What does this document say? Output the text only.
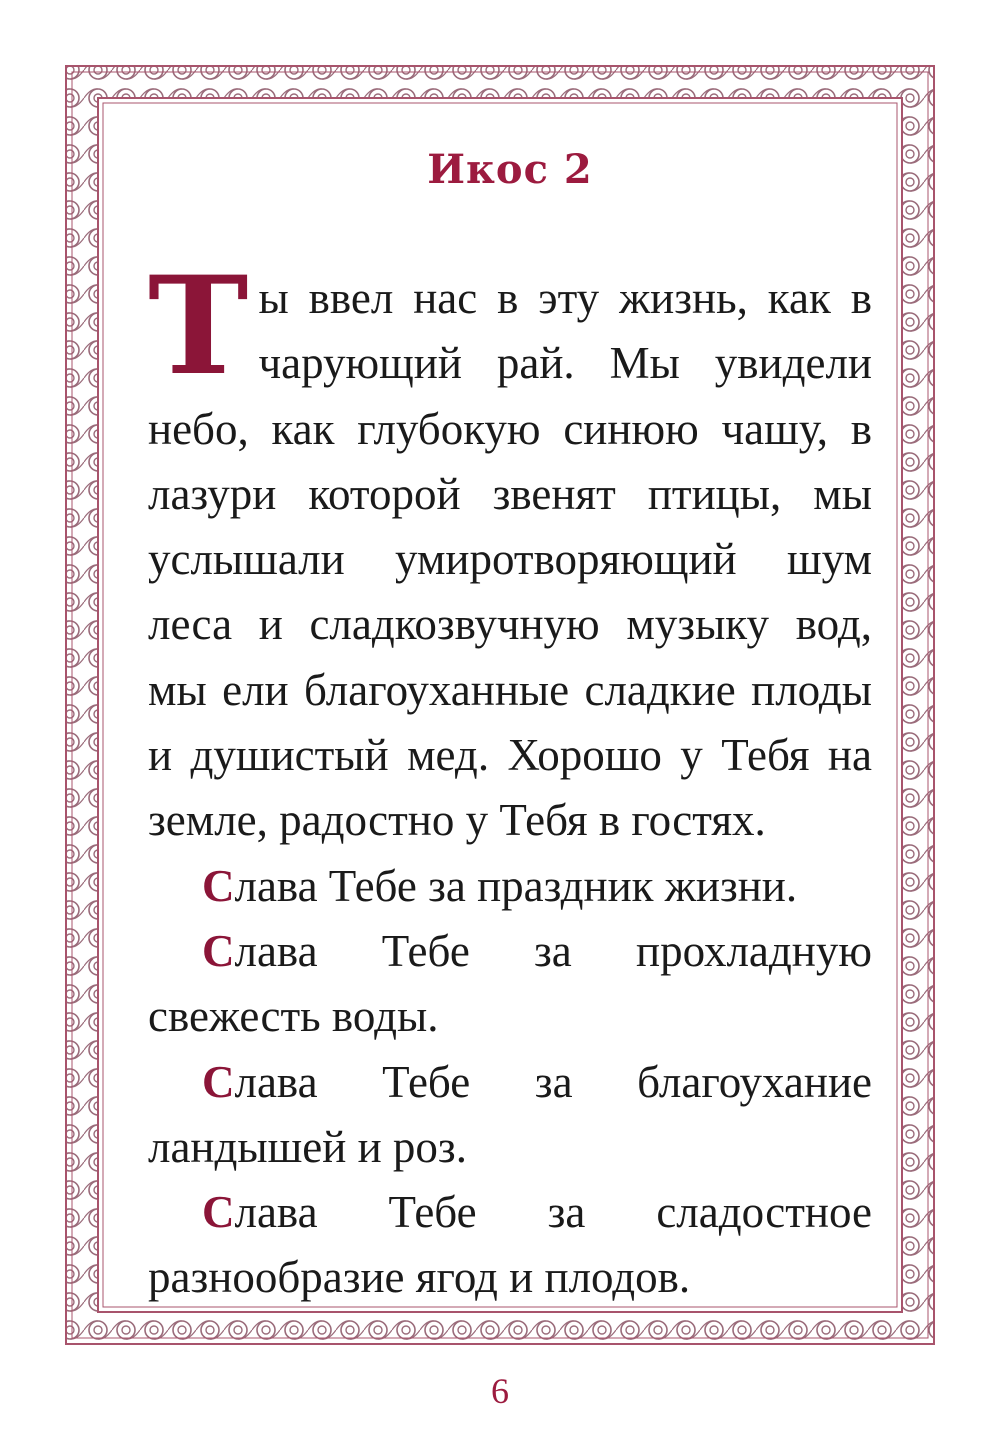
Икос 2

Ты ввел нас в эту жизнь, как в чарующий рай. Мы увидели небо, как глубокую синюю чашу, в лазури которой звенят птицы, мы услышали умиротворяющий шум леса и сладкозвучную музыку вод, мы ели благоуханные сладкие плоды и душистый мед. Хорошо у Тебя на земле, радостно у Тебя в гостях.

Слава Тебе за праздник жизни.

Слава Тебе за прохладную свежесть воды.

Слава Тебе за благоухание ландышей и роз.

Слава Тебе за сладостное разнообразие ягод и плодов.

6
